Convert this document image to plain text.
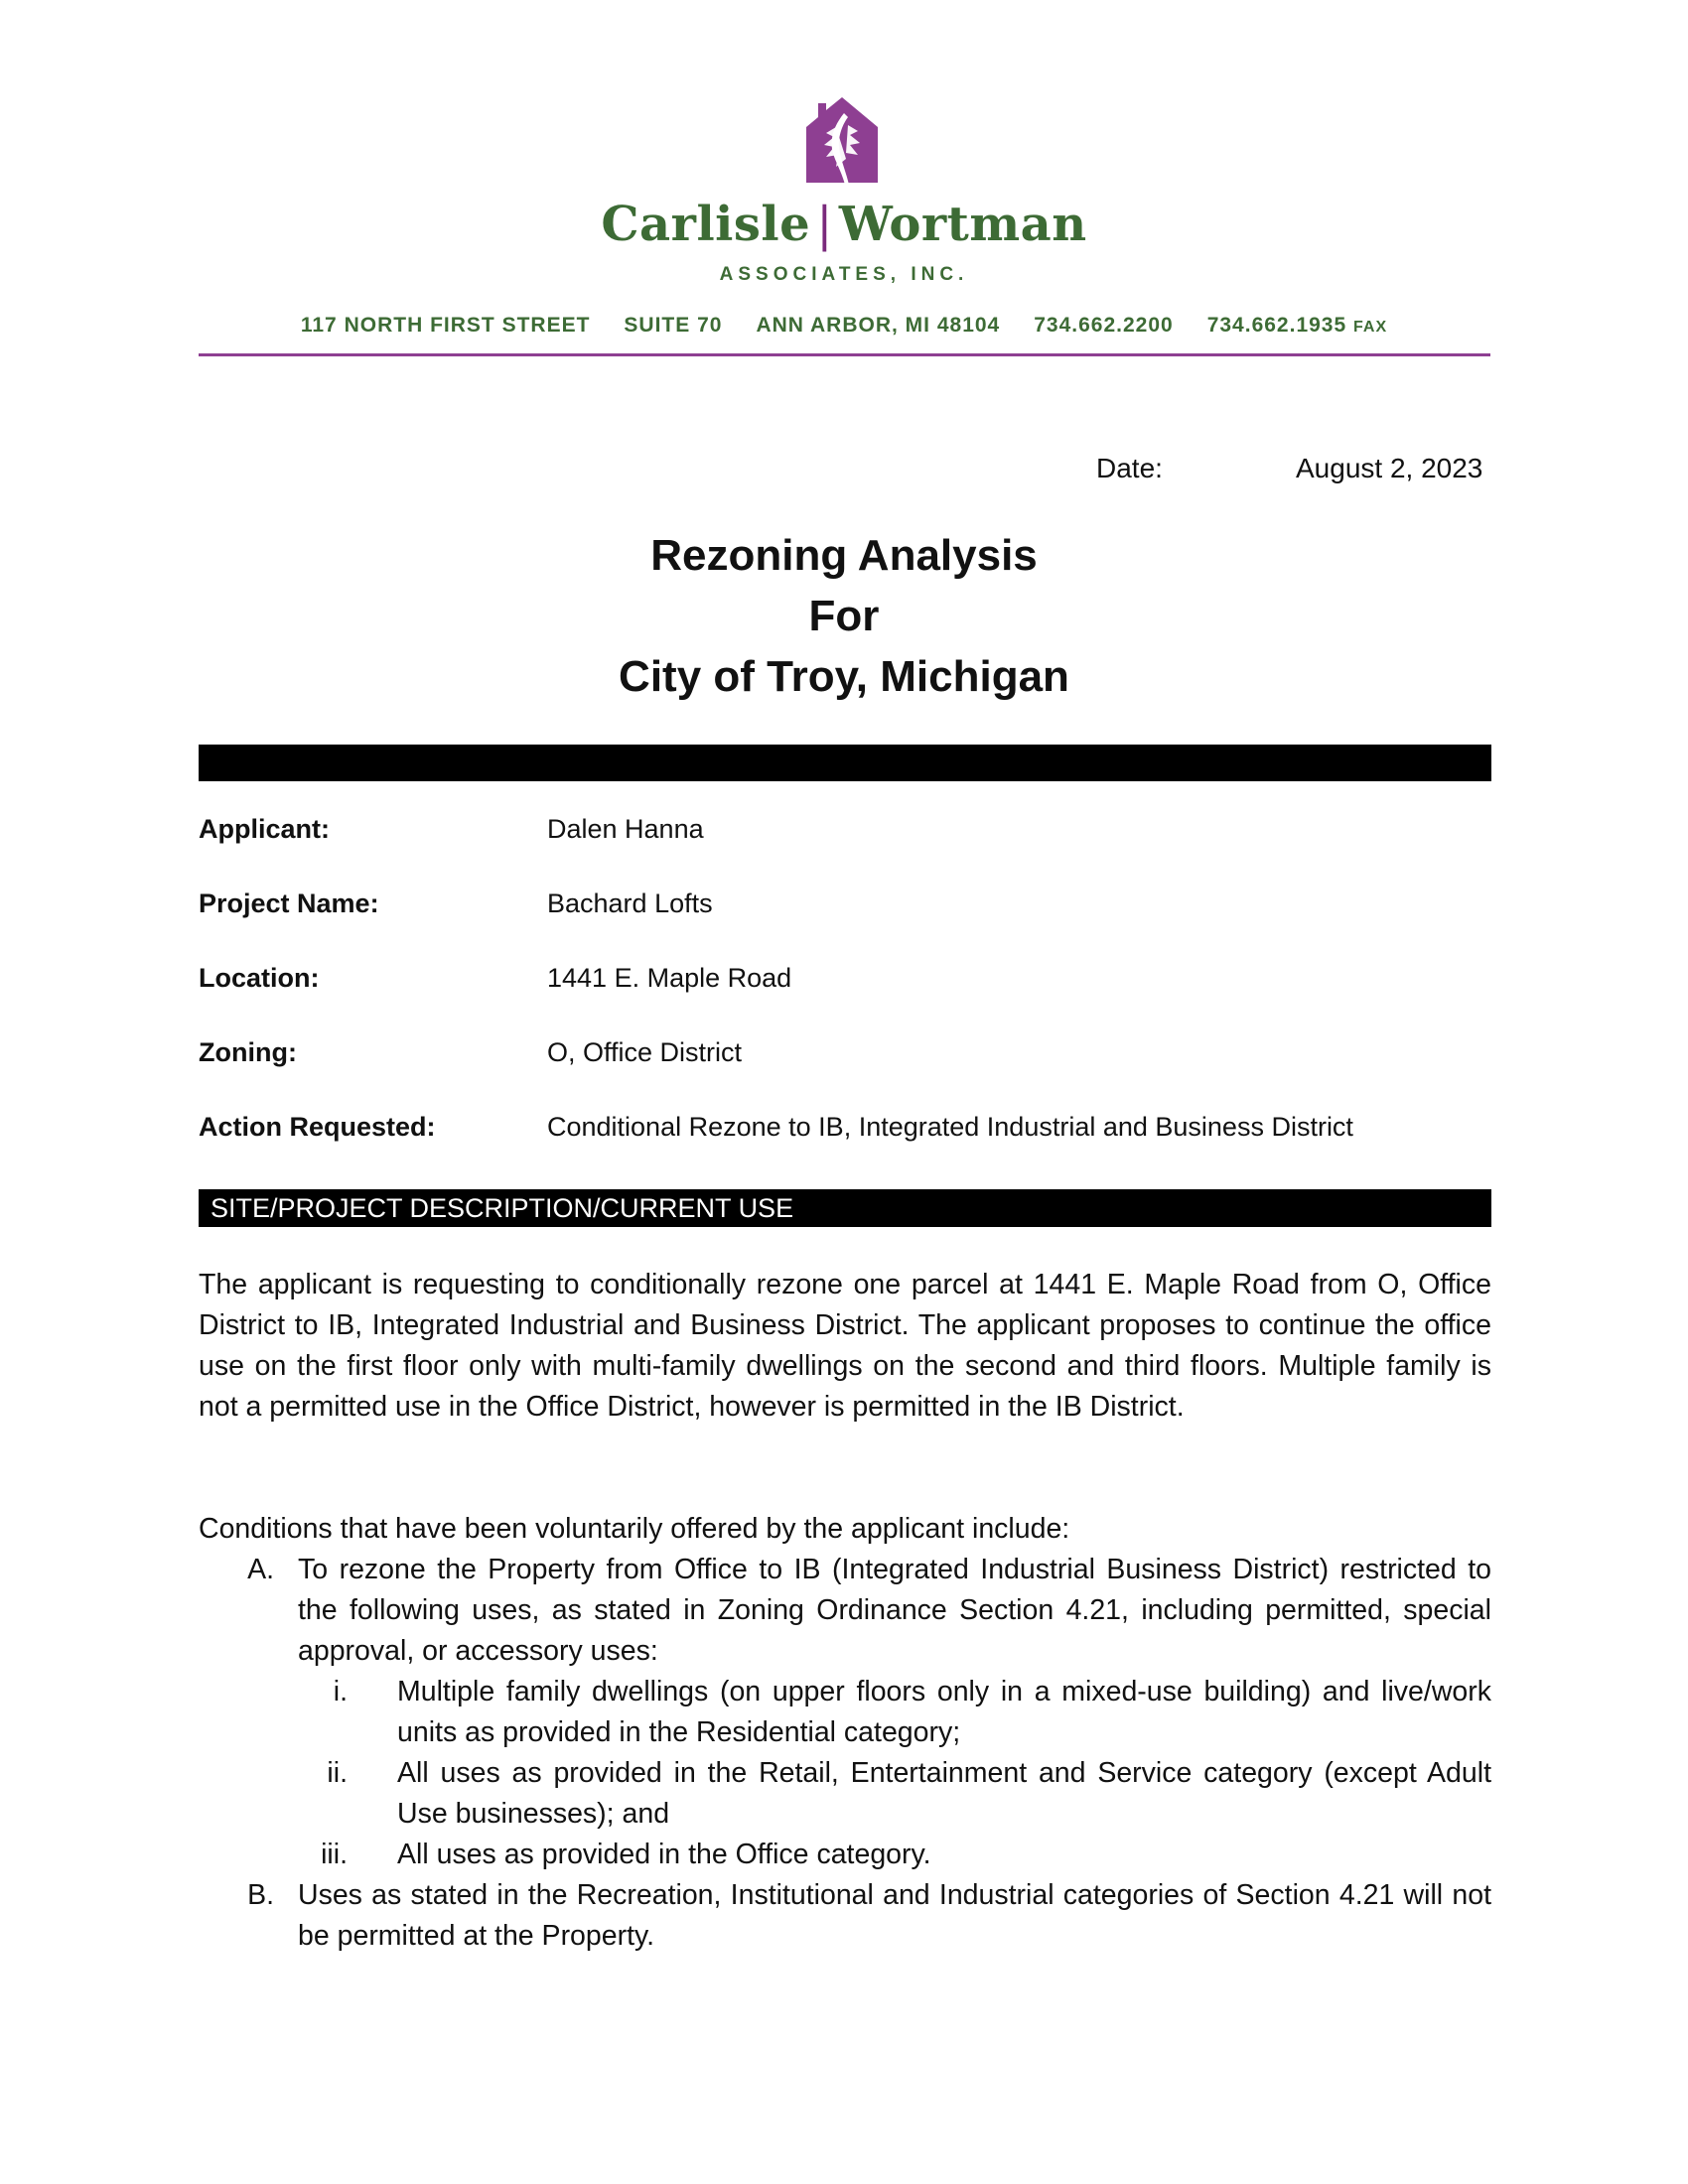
Carlisle | Wortman
ASSOCIATES, INC.
117 NORTH FIRST STREET SUITE 70 ANN ARBOR, MI 48104 734.662.2200 734.662.1935 FAX
Date:	August 2, 2023
Rezoning Analysis
For
City of Troy, Michigan
Applicant:	Dalen Hanna
Project Name:	Bachard Lofts
Location:	1441 E. Maple Road
Zoning:	O, Office District
Action Requested:	Conditional Rezone to IB, Integrated Industrial and Business District
SITE/PROJECT DESCRIPTION/CURRENT USE
The applicant is requesting to conditionally rezone one parcel at 1441 E. Maple Road from O, Office District to IB, Integrated Industrial and Business District. The applicant proposes to continue the office use on the first floor only with multi-family dwellings on the second and third floors. Multiple family is not a permitted use in the Office District, however is permitted in the IB District.
Conditions that have been voluntarily offered by the applicant include:
A. To rezone the Property from Office to IB (Integrated Industrial Business District) restricted to the following uses, as stated in Zoning Ordinance Section 4.21, including permitted, special approval, or accessory uses:
i. Multiple family dwellings (on upper floors only in a mixed-use building) and live/work units as provided in the Residential category;
ii. All uses as provided in the Retail, Entertainment and Service category (except Adult Use businesses); and
iii. All uses as provided in the Office category.
B. Uses as stated in the Recreation, Institutional and Industrial categories of Section 4.21 will not be permitted at the Property.
